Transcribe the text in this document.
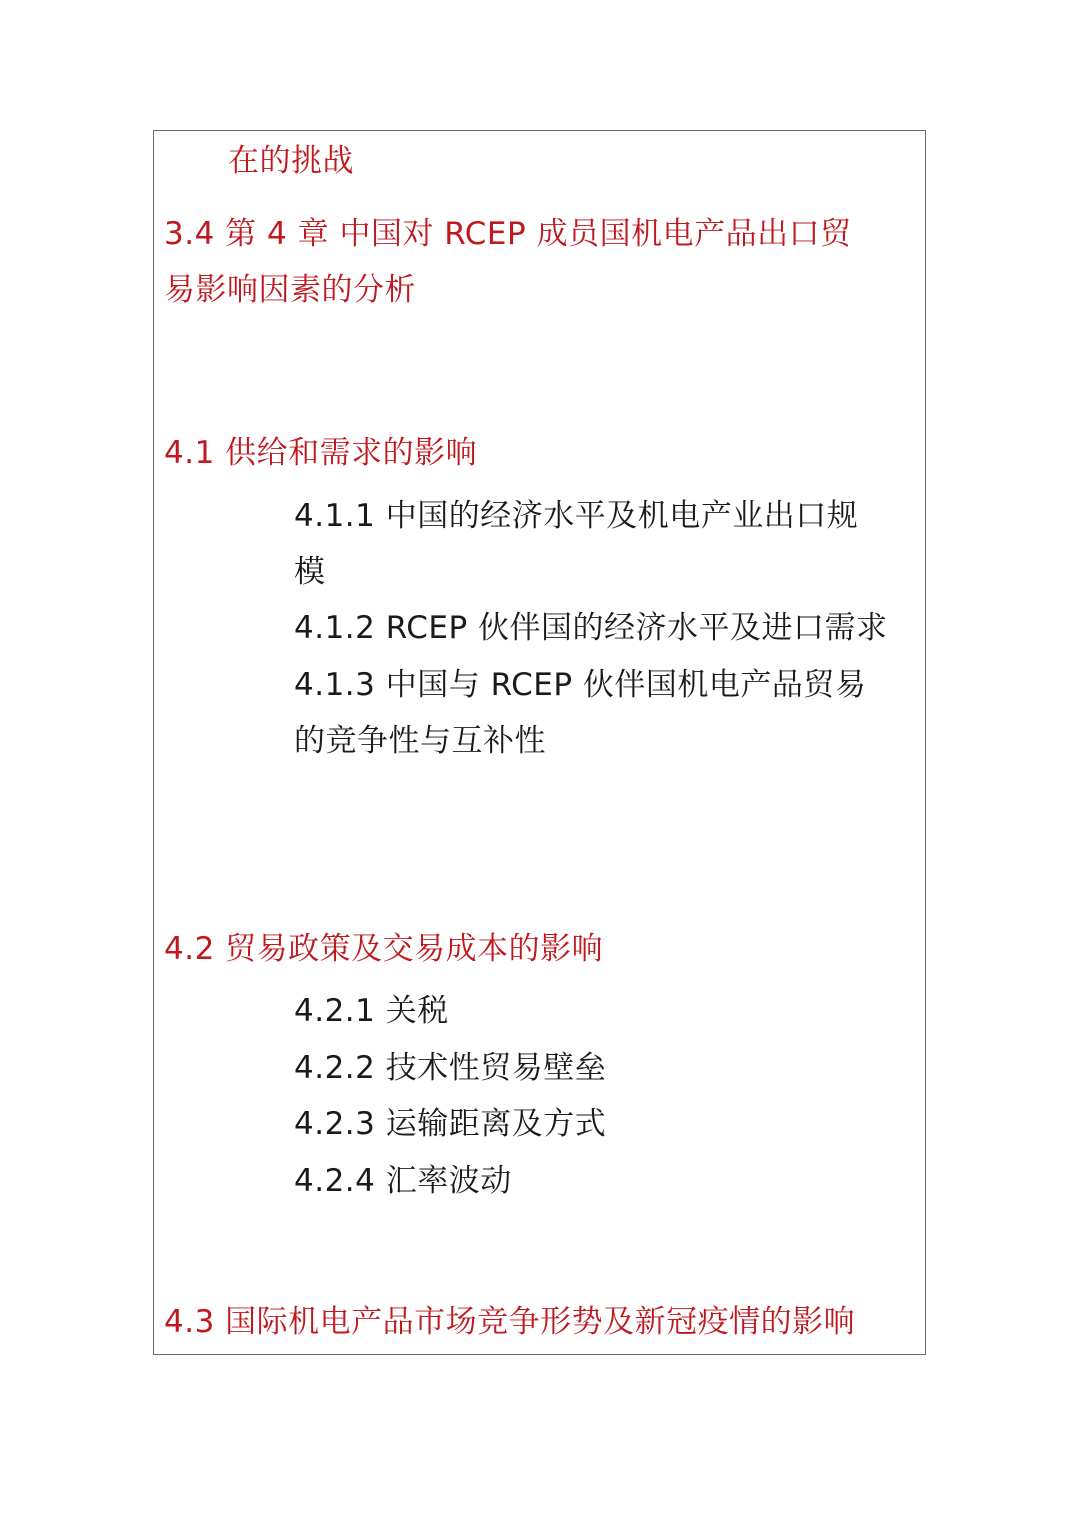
在的挑战
3.4 第 4 章 中国对 RCEP 成员国机电产品出口贸
易影响因素的分析
4.1 供给和需求的影响
4.1.1 中国的经济水平及机电产业出口规
模
4.1.2 RCEP 伙伴国的经济水平及进口需求
4.1.3 中国与 RCEP 伙伴国机电产品贸易
的竞争性与互补性
4.2 贸易政策及交易成本的影响
4.2.1 关税
4.2.2 技术性贸易壁垒
4.2.3 运输距离及方式
4.2.4 汇率波动
4.3 国际机电产品市场竞争形势及新冠疫情的影响
